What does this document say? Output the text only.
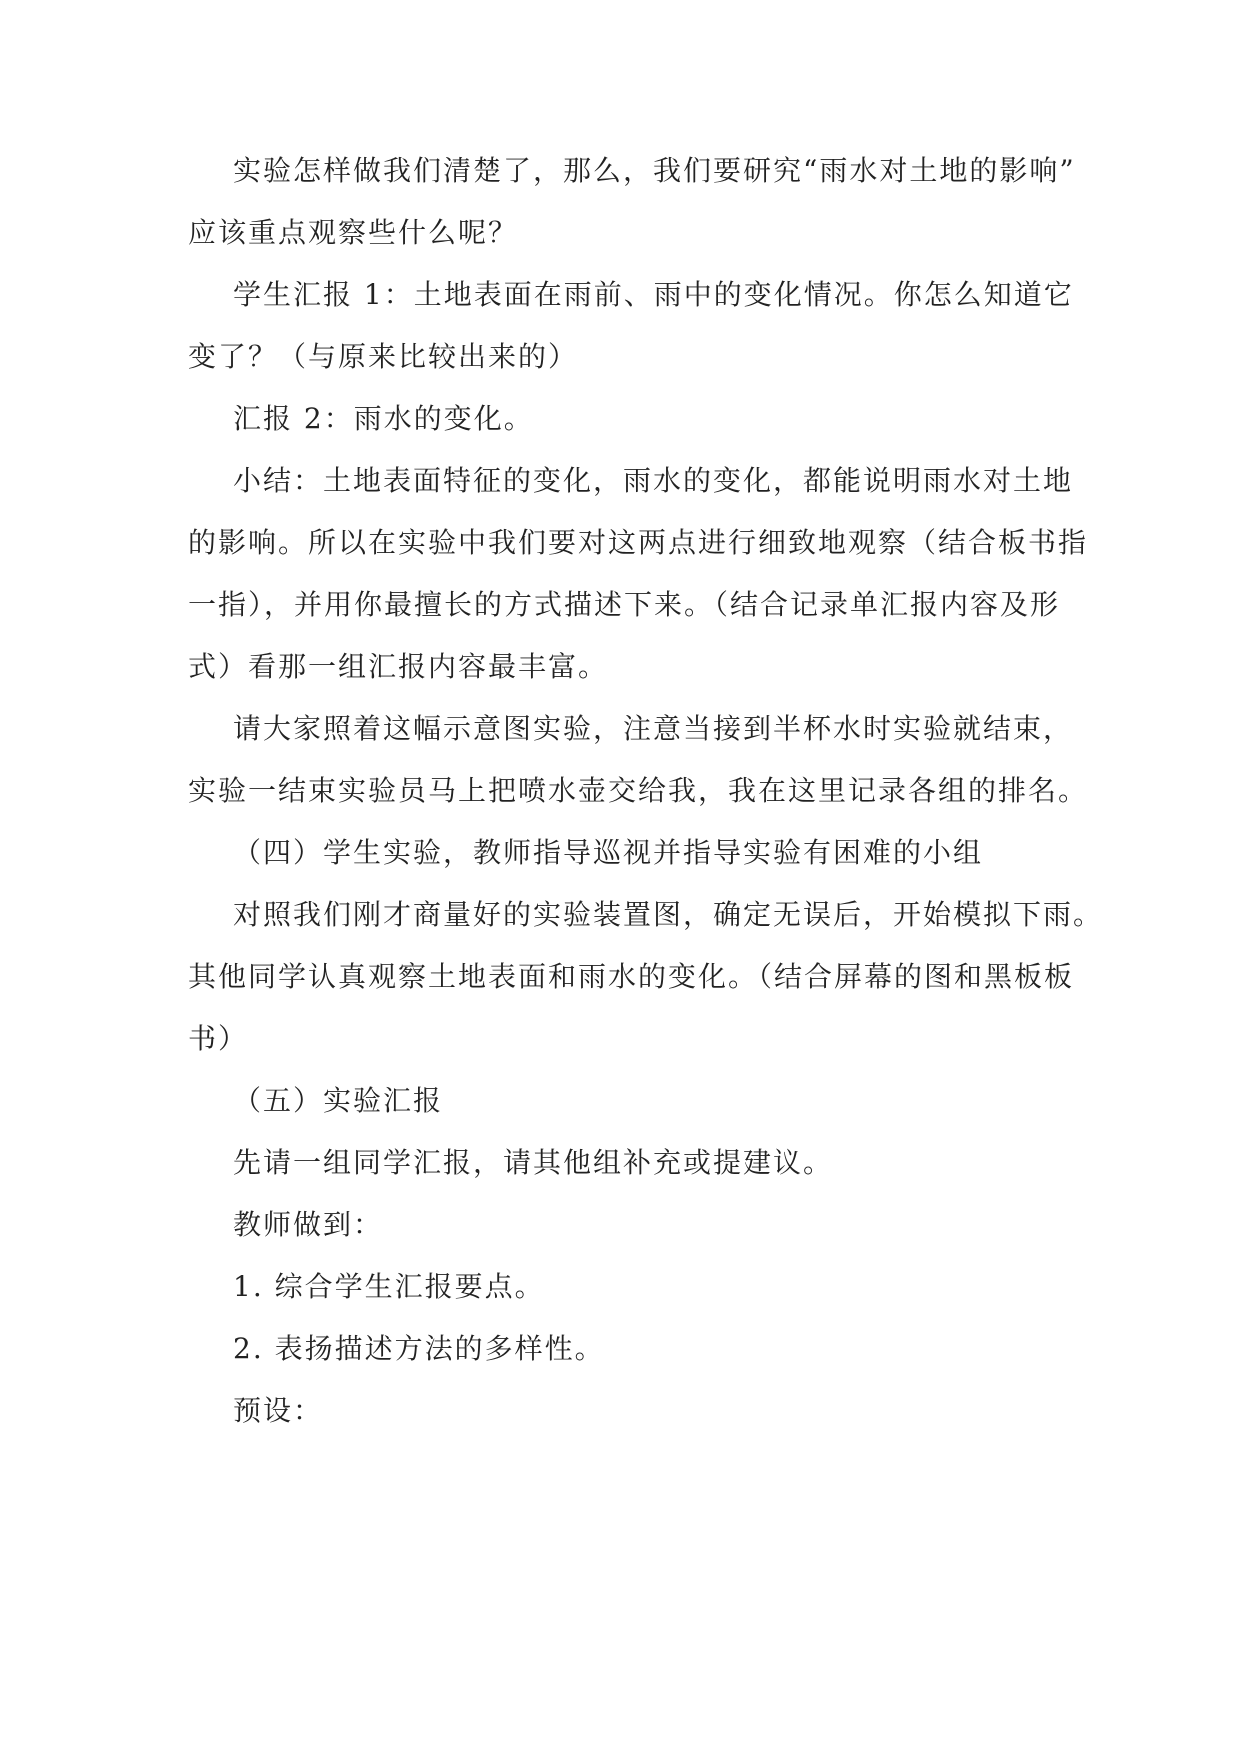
实验怎样做我们清楚了，那么，我们要研究“雨水对土地的影响”
应该重点观察些什么呢？

学生汇报 1：土地表面在雨前、雨中的变化情况。你怎么知道它
变了？（与原来比较出来的）

汇报 2：雨水的变化。

小结：土地表面特征的变化，雨水的变化，都能说明雨水对土地
的影响。所以在实验中我们要对这两点进行细致地观察（结合板书指
一指），并用你最擅长的方式描述下来。（结合记录单汇报内容及形
式）看那一组汇报内容最丰富。

请大家照着这幅示意图实验，注意当接到半杯水时实验就结束，
实验一结束实验员马上把喷水壶交给我，我在这里记录各组的排名。

（四）学生实验，教师指导巡视并指导实验有困难的小组

对照我们刚才商量好的实验装置图，确定无误后，开始模拟下雨。
其他同学认真观察土地表面和雨水的变化。（结合屏幕的图和黑板板
书）

（五）实验汇报

先请一组同学汇报，请其他组补充或提建议。

教师做到：

1. 综合学生汇报要点。

2. 表扬描述方法的多样性。

预设：
